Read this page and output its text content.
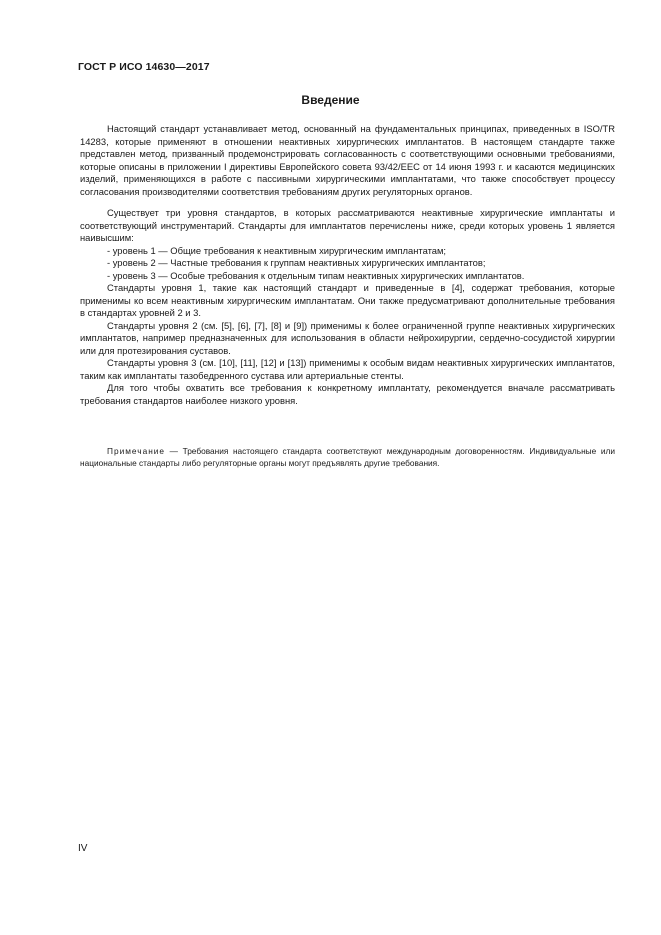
ГОСТ Р ИСО 14630—2017
Введение

Настоящий стандарт устанавливает метод, основанный на фундаментальных принципах, приведенных в ISO/TR 14283, которые применяют в отношении неактивных хирургических имплантатов. В настоящем стандарте также представлен метод, призванный продемонстрировать согласованность с соответствующими основными требованиями, которые описаны в приложении I директивы Европейского совета 93/42/EEC от 14 июня 1993 г. и касаются медицинских изделий, применяющихся в работе с пассивными хирургическими имплантатами, что также способствует процессу согласования производителями соответствия требованиям других регуляторных органов.

Существует три уровня стандартов, в которых рассматриваются неактивные хирургические имплантаты и соответствующий инструментарий. Стандарты для имплантатов перечислены ниже, среди которых уровень 1 является наивысшим:

- уровень 1 — Общие требования к неактивным хирургическим имплантатам;
- уровень 2 — Частные требования к группам неактивных хирургических имплантатов;
- уровень 3 — Особые требования к отдельным типам неактивных хирургических имплантатов.

Стандарты уровня 1, такие как настоящий стандарт и приведенные в [4], содержат требования, которые применимы ко всем неактивным хирургическим имплантатам. Они также предусматривают дополнительные требования в стандартах уровней 2 и 3.

Стандарты уровня 2 (см. [5], [6], [7], [8] и [9]) применимы к более ограниченной группе неактивных хирургических имплантатов, например предназначенных для использования в области нейрохирургии, сердечно-сосудистой хирургии или для протезирования суставов.

Стандарты уровня 3 (см. [10], [11], [12] и [13]) применимы к особым видам неактивных хирургических имплантатов, таким как имплантаты тазобедренного сустава или артериальные стенты.

Для того чтобы охватить все требования к конкретному имплантату, рекомендуется вначале рассматривать требования стандартов наиболее низкого уровня.

Примечание — Требования настоящего стандарта соответствуют международным договоренностям. Индивидуальные или национальные стандарты либо регуляторные органы могут предъявлять другие требования.
IV
